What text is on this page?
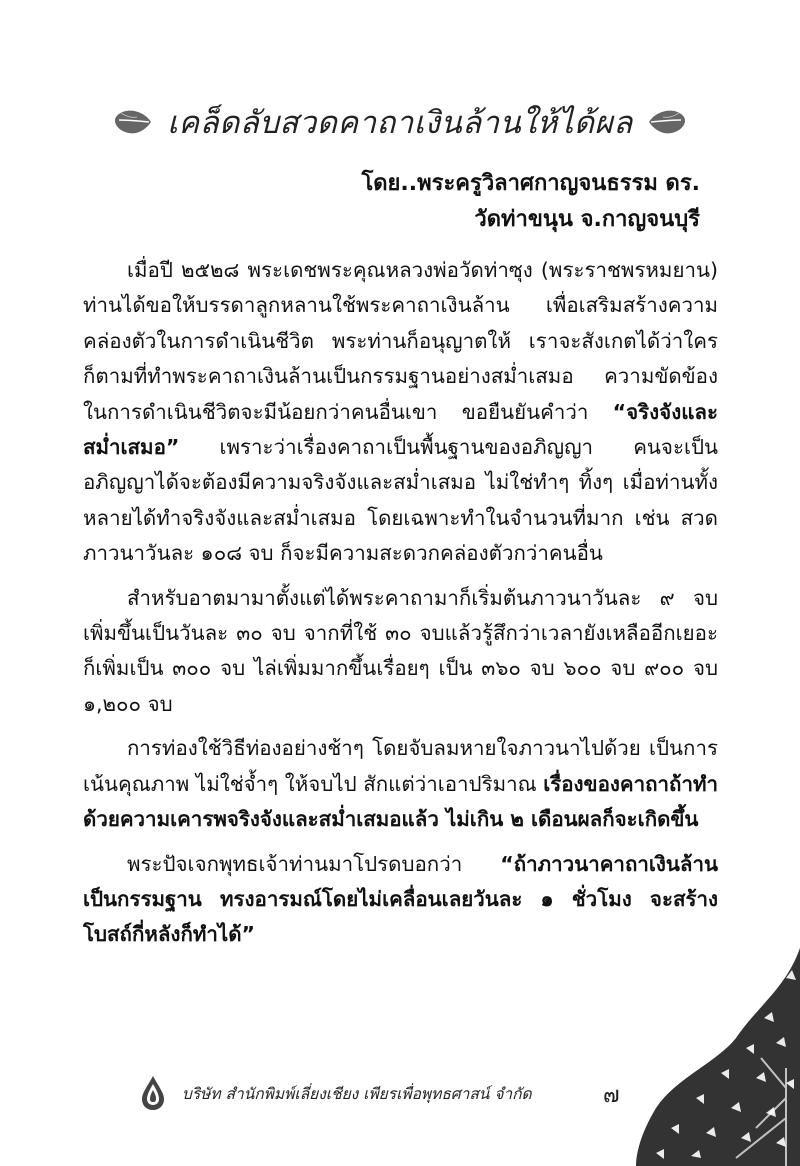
เคล็ดลับสวดคาถาเงินล้านให้ได้ผล
โดย..พระครูวิลาศกาญจนธรรม ดร.
วัดท่าขนุน จ.กาญจนบุรี

เมื่อปี ๒๕๒๘ พระเดชพระคุณหลวงพ่อวัดท่าซุง (พระราชพรหมยาน) ท่านได้ขอให้บรรดาลูกหลานใช้พระคาถาเงินล้าน เพื่อเสริมสร้างความคล่องตัวในการดำเนินชีวิต พระท่านก็อนุญาตให้ เราจะสังเกตได้ว่าใครก็ตามที่ทำพระคาถาเงินล้านเป็นกรรมฐานอย่างสม่ำเสมอ ความขัดข้องในการดำเนินชีวิตจะมีน้อยกว่าคนอื่นเขา ขอยืนยันคำว่า “จริงจังและสม่ำเสมอ” เพราะว่าเรื่องคาถาเป็นพื้นฐานของอภิญญา คนจะเป็นอภิญญาได้จะต้องมีความจริงจังและสม่ำเสมอ ไม่ใช่ทำๆ ทิ้งๆ เมื่อท่านทั้งหลายได้ทำจริงจังและสม่ำเสมอ โดยเฉพาะทำในจำนวนที่มาก เช่น สวดภาวนาวันละ ๑๐๘ จบ ก็จะมีความสะดวกคล่องตัวกว่าคนอื่น

สำหรับอาตมามาตั้งแต่ได้พระคาถามาก็เริ่มต้นภาวนาวันละ ๙ จบ เพิ่มขึ้นเป็นวันละ ๓๐ จบ จากที่ใช้ ๓๐ จบแล้วรู้สึกว่าเวลายังเหลืออีกเยอะ ก็เพิ่มเป็น ๓๐๐ จบ ไล่เพิ่มมากขึ้นเรื่อยๆ เป็น ๓๖๐ จบ ๖๐๐ จบ ๙๐๐ จบ ๑,๒๐๐ จบ

การท่องใช้วิธีท่องอย่างช้าๆ โดยจับลมหายใจภาวนาไปด้วย เป็นการเน้นคุณภาพ ไม่ใช่จ้ำๆ ให้จบไป สักแต่ว่าเอาปริมาณ เรื่องของคาถาถ้าทำด้วยความเคารพจริงจังและสม่ำเสมอแล้ว ไม่เกิน ๒ เดือนผลก็จะเกิดขึ้น

พระปัจเจกพุทธเจ้าท่านมาโปรดบอกว่า “ถ้าภาวนาคาถาเงินล้านเป็นกรรมฐาน ทรงอารมณ์โดยไม่เคลื่อนเลยวันละ ๑ ชั่วโมง จะสร้างโบสถ์กี่หลังก็ทำได้”

บริษัท สำนักพิมพ์เลี่ยงเชียง เพียรเพื่อพุทธศาสน์ จำกัด	๗
